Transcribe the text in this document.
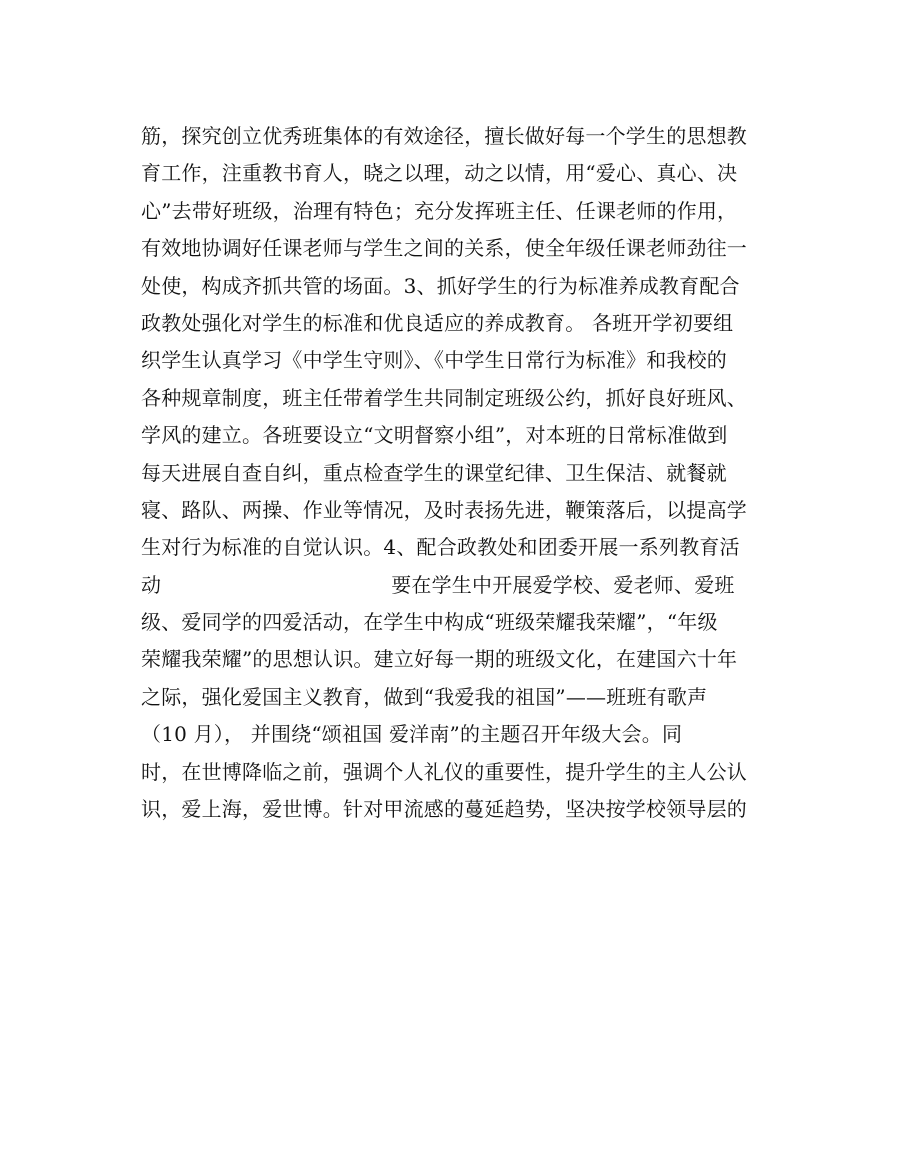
筋，探究创立优秀班集体的有效途径，擅长做好每一个学生的思想教
育工作，注重教书育人，晓之以理，动之以情，用“爱心、真心、决
心”去带好班级，治理有特色；充分发挥班主任、任课老师的作用，
有效地协调好任课老师与学生之间的关系，使全年级任课老师劲往一
处使，构成齐抓共管的场面。3、抓好学生的行为标准养成教育配合
政教处强化对学生的标准和优良适应的养成教育。 各班开学初要组
织学生认真学习《中学生守则》、《中学生日常行为标准》和我校的
各种规章制度，班主任带着学生共同制定班级公约，抓好良好班风、
学风的建立。各班要设立“文明督察小组”，对本班的日常标准做到
每天进展自查自纠，重点检查学生的课堂纪律、卫生保洁、就餐就
寝、路队、两操、作业等情况，及时表扬先进，鞭策落后，以提高学
生对行为标准的自觉认识。4、配合政教处和团委开展一系列教育活
动	要在学生中开展爱学校、爱老师、爱班
级、爱同学的四爱活动，在学生中构成“班级荣耀我荣耀”，“年级
荣耀我荣耀”的思想认识。建立好每一期的班级文化，在建国六十年
之际，强化爱国主义教育，做到“我爱我的祖国”——班班有歌声
（10 月）， 并围绕“颂祖国 爱洋南”的主题召开年级大会。同
时，在世博降临之前，强调个人礼仪的重要性，提升学生的主人公认
识，爱上海，爱世博。针对甲流感的蔓延趋势，坚决按学校领导层的
